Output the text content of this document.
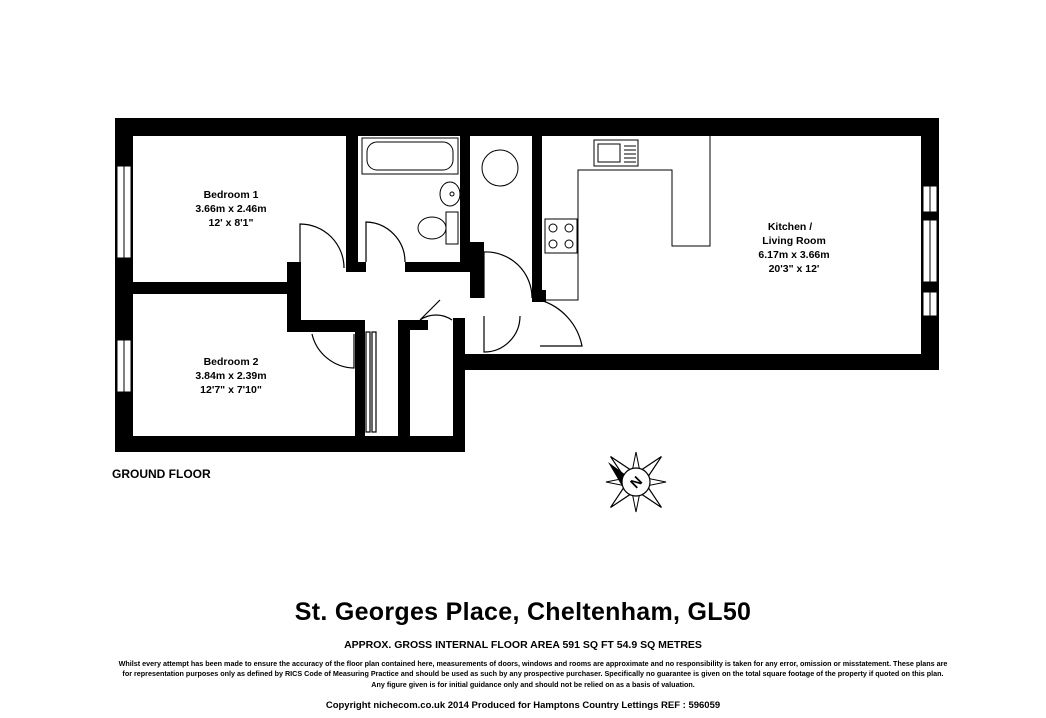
Bedroom 1
3.66m x 2.46m
12' x 8'1"
Bedroom 2
3.84m x 2.39m
12'7" x 7'10"
Kitchen /
Living Room
6.17m x 3.66m
20'3" x 12'
N
GROUND FLOOR
St. Georges Place, Cheltenham, GL50
APPROX. GROSS INTERNAL FLOOR AREA 591 SQ FT 54.9 SQ METRES
Whilst every attempt has been made to ensure the accuracy of the floor plan contained here, measurements of doors, windows and rooms are approximate and no responsibility is taken for any error, omission or misstatement. These plans are for representation purposes only as defined by RICS Code of Measuring Practice and should be used as such by any prospective purchaser. Specifically no guarantee is given on the total square footage of the property if quoted on this plan. Any figure given is for initial guidance only and should not be relied on as a basis of valuation.
Copyright nichecom.co.uk 2014 Produced for Hamptons Country Lettings REF : 596059
